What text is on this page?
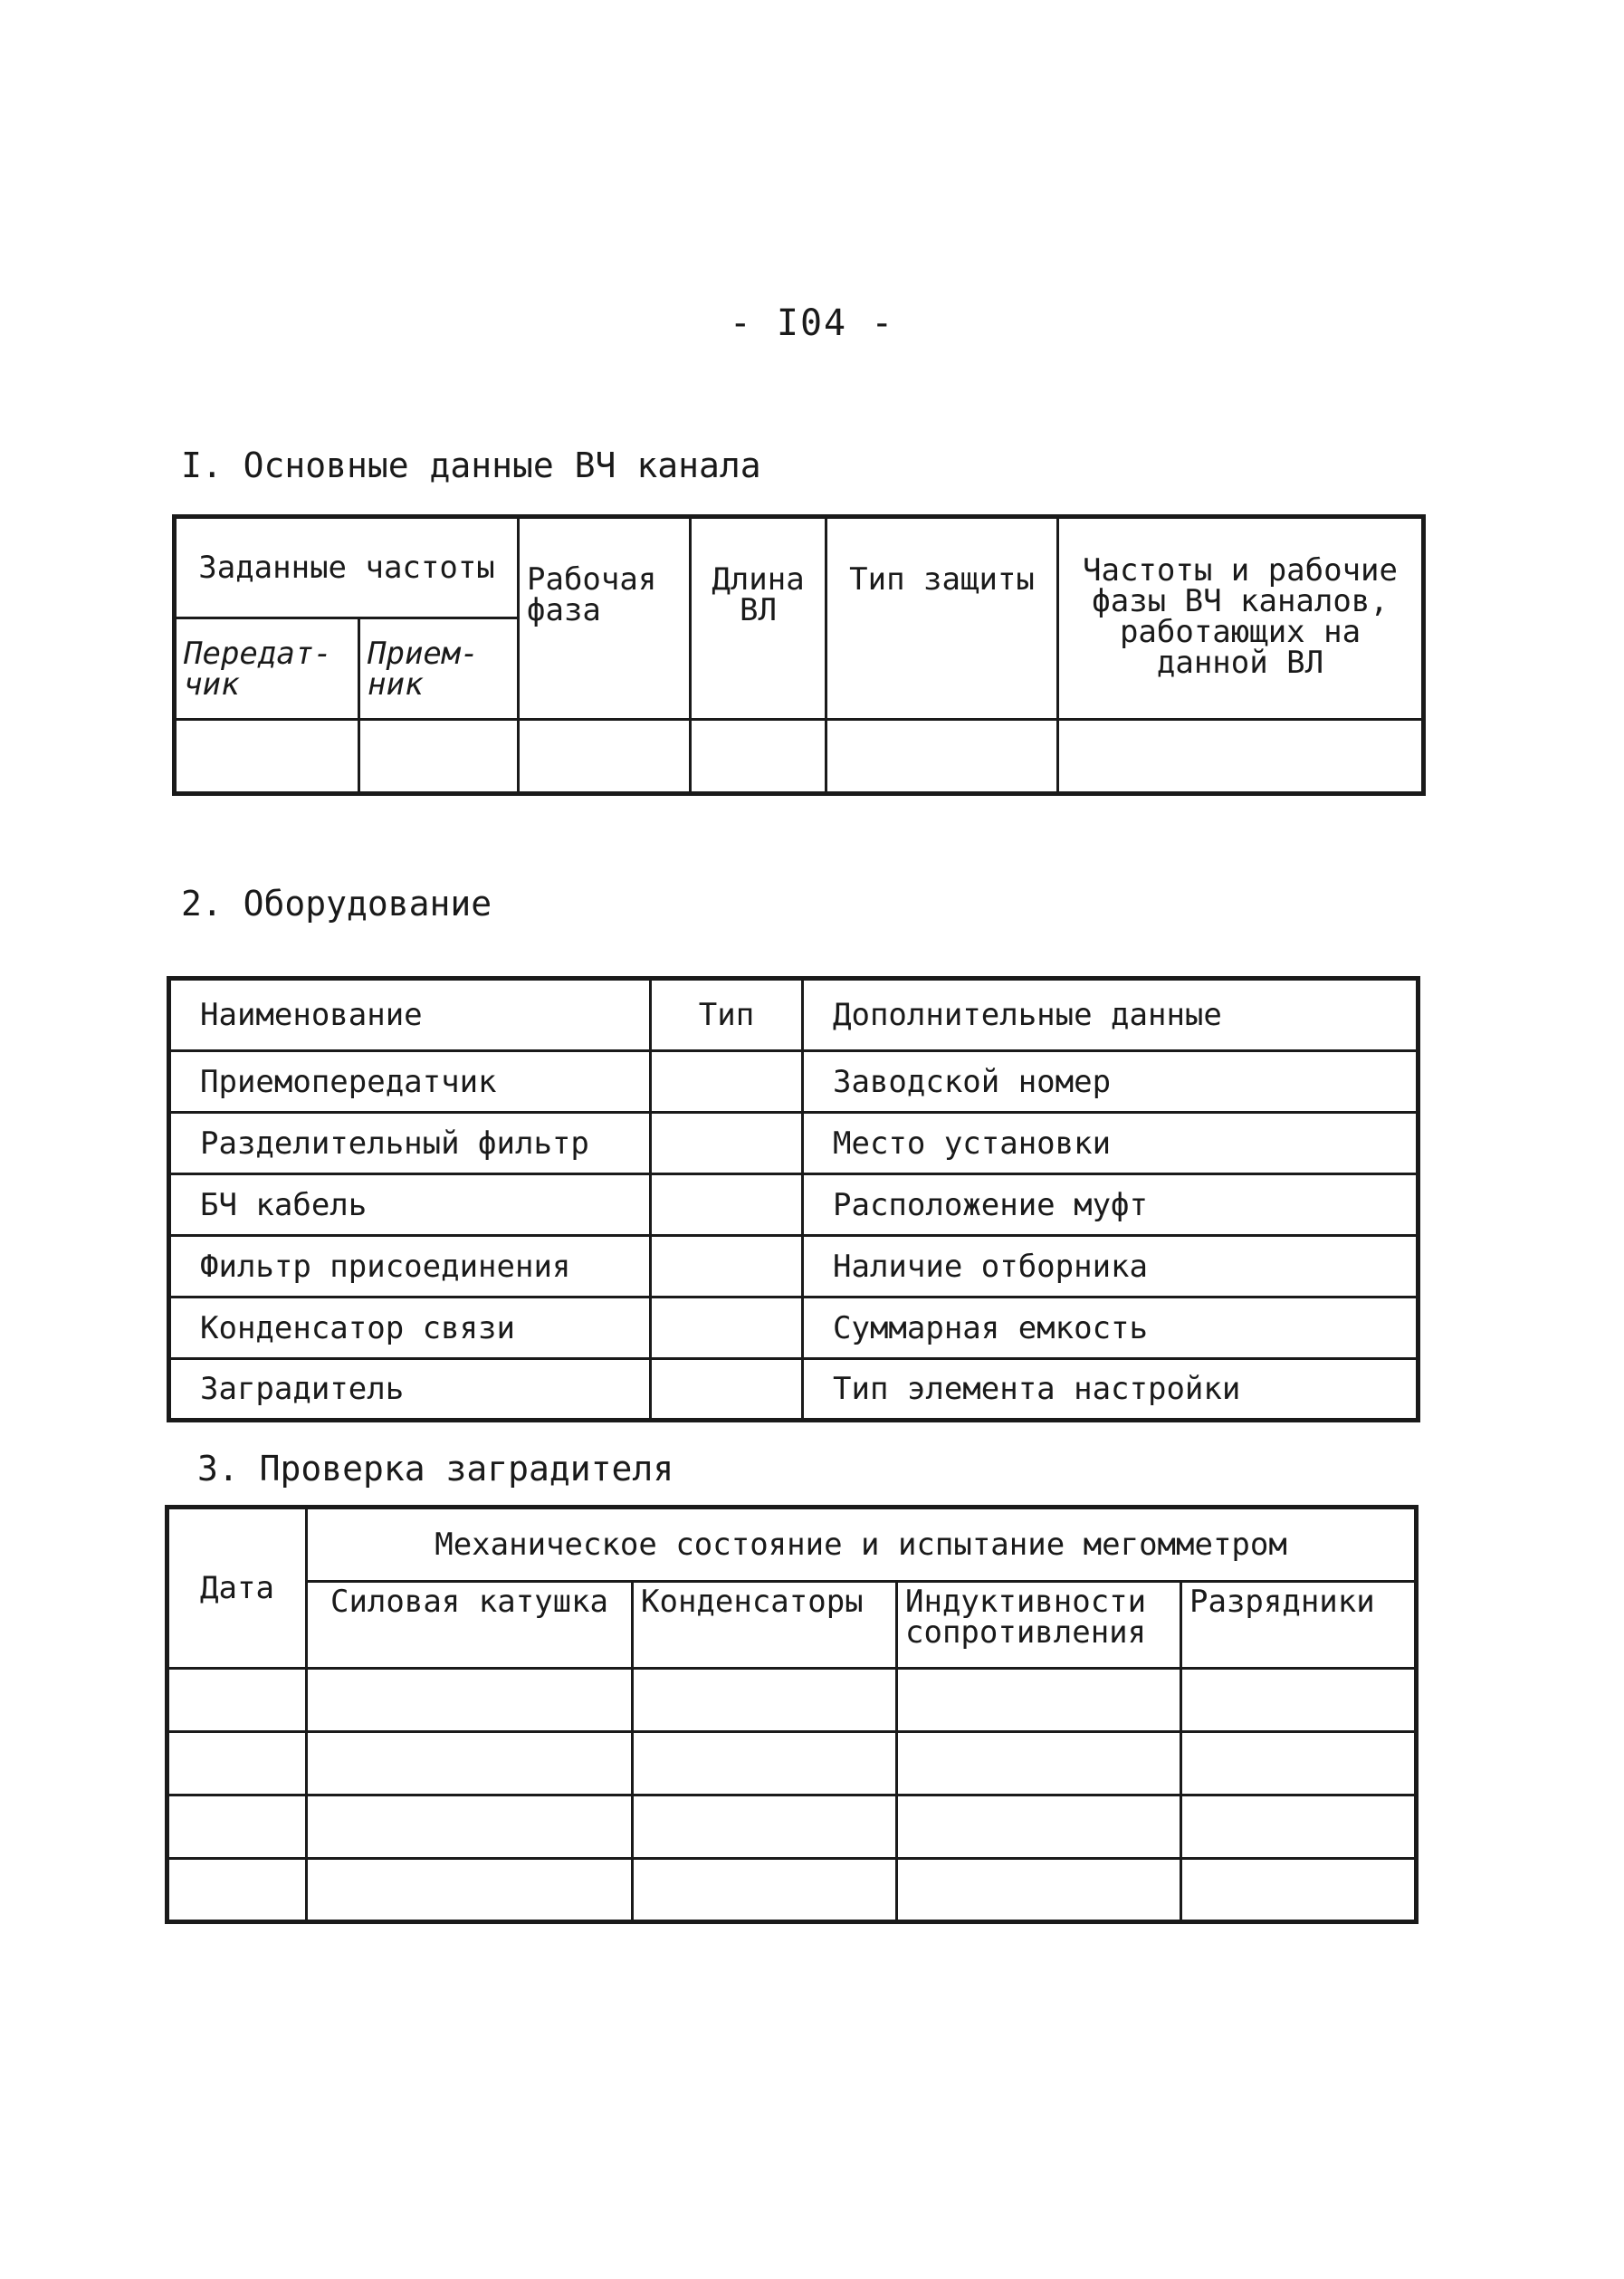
- I04 -
I. Основные данные ВЧ канала
Заданные частоты		Рабочая фаза	Длина ВЛ	Тип защиты	Частоты и рабочие фазы ВЧ каналов, работающих на данной ВЛ
Передат-чик	Прием-ник				

2. Оборудование
Наименование	Тип	Дополнительные данные
Приемопередатчик		Заводской номер
Разделительный фильтр		Место установки
БЧ кабель		Расположение муфт
Фильтр присоединения		Наличие отборника
Конденсатор связи		Суммарная емкость
Заградитель		Тип элемента настройки
3. Проверка заградителя
Дата	Механическое состояние и испытание мегомметром			
	Силовая катушка	Конденсаторы	Индуктивности сопротивления	Разрядники
